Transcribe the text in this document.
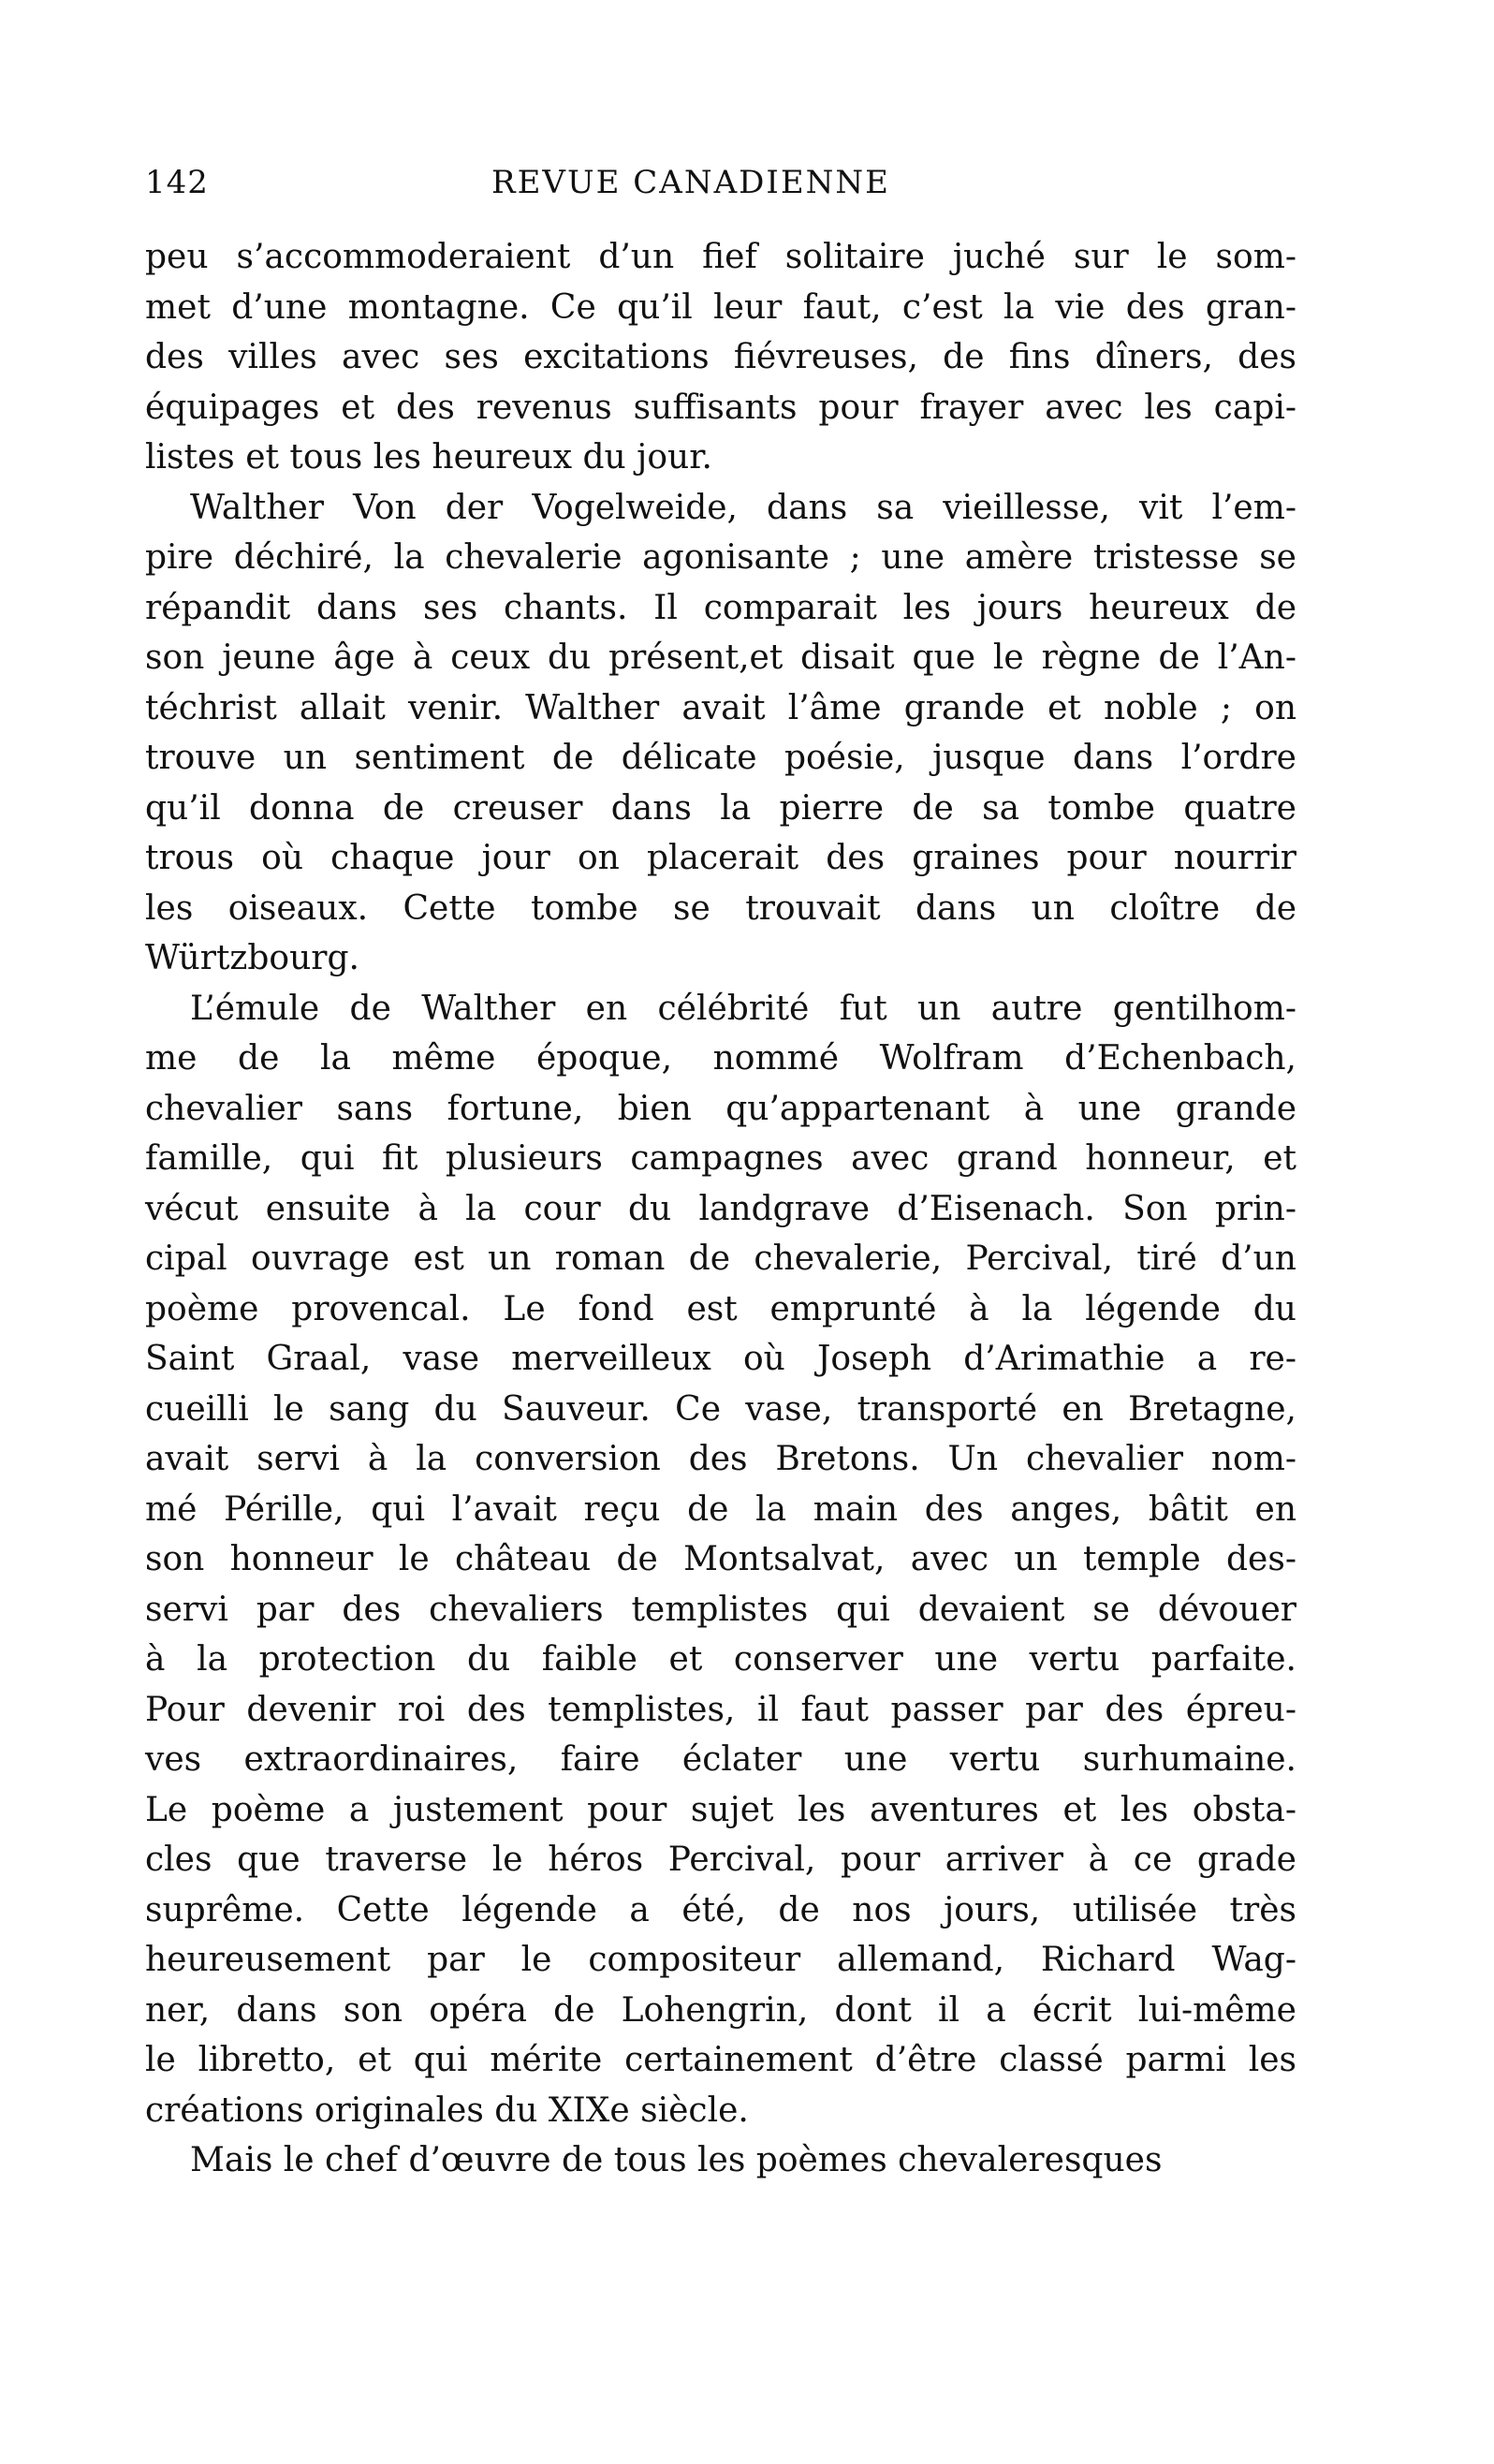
142	REVUE CANADIENNE
peu s’accommoderaient d’un fief solitaire juché sur le som-
met d’une montagne. Ce qu’il leur faut, c’est la vie des gran-
des villes avec ses excitations fiévreuses, de fins dîners, des
équipages et des revenus suffisants pour frayer avec les capi-
listes et tous les heureux du jour.
Walther Von der Vogelweide, dans sa vieillesse, vit l’em-
pire déchiré, la chevalerie agonisante ; une amère tristesse se
répandit dans ses chants. Il comparait les jours heureux de
son jeune âge à ceux du présent,et disait que le règne de l’An-
téchrist allait venir. Walther avait l’âme grande et noble ; on
trouve un sentiment de délicate poésie, jusque dans l’ordre
qu’il donna de creuser dans la pierre de sa tombe quatre
trous où chaque jour on placerait des graines pour nourrir
les oiseaux. Cette tombe se trouvait dans un cloître de
Würtzbourg.
L’émule de Walther en célébrité fut un autre gentilhom-
me de la même époque, nommé Wolfram d’Echenbach,
chevalier sans fortune, bien qu’appartenant à une grande
famille, qui fit plusieurs campagnes avec grand honneur, et
vécut ensuite à la cour du landgrave d’Eisenach. Son prin-
cipal ouvrage est un roman de chevalerie, Percival, tiré d’un
poème provencal. Le fond est emprunté à la légende du
Saint Graal, vase merveilleux où Joseph d’Arimathie a re-
cueilli le sang du Sauveur. Ce vase, transporté en Bretagne,
avait servi à la conversion des Bretons. Un chevalier nom-
mé Pérille, qui l’avait reçu de la main des anges, bâtit en
son honneur le château de Montsalvat, avec un temple des-
servi par des chevaliers templistes qui devaient se dévouer
à la protection du faible et conserver une vertu parfaite.
Pour devenir roi des templistes, il faut passer par des épreu-
ves extraordinaires, faire éclater une vertu surhumaine.
Le poème a justement pour sujet les aventures et les obsta-
cles que traverse le héros Percival, pour arriver à ce grade
suprême. Cette légende a été, de nos jours, utilisée très
heureusement par le compositeur allemand, Richard Wag-
ner, dans son opéra de Lohengrin, dont il a écrit lui-même
le libretto, et qui mérite certainement d’être classé parmi les
créations originales du XIXe siècle.
Mais le chef d’œuvre de tous les poèmes chevaleresques
